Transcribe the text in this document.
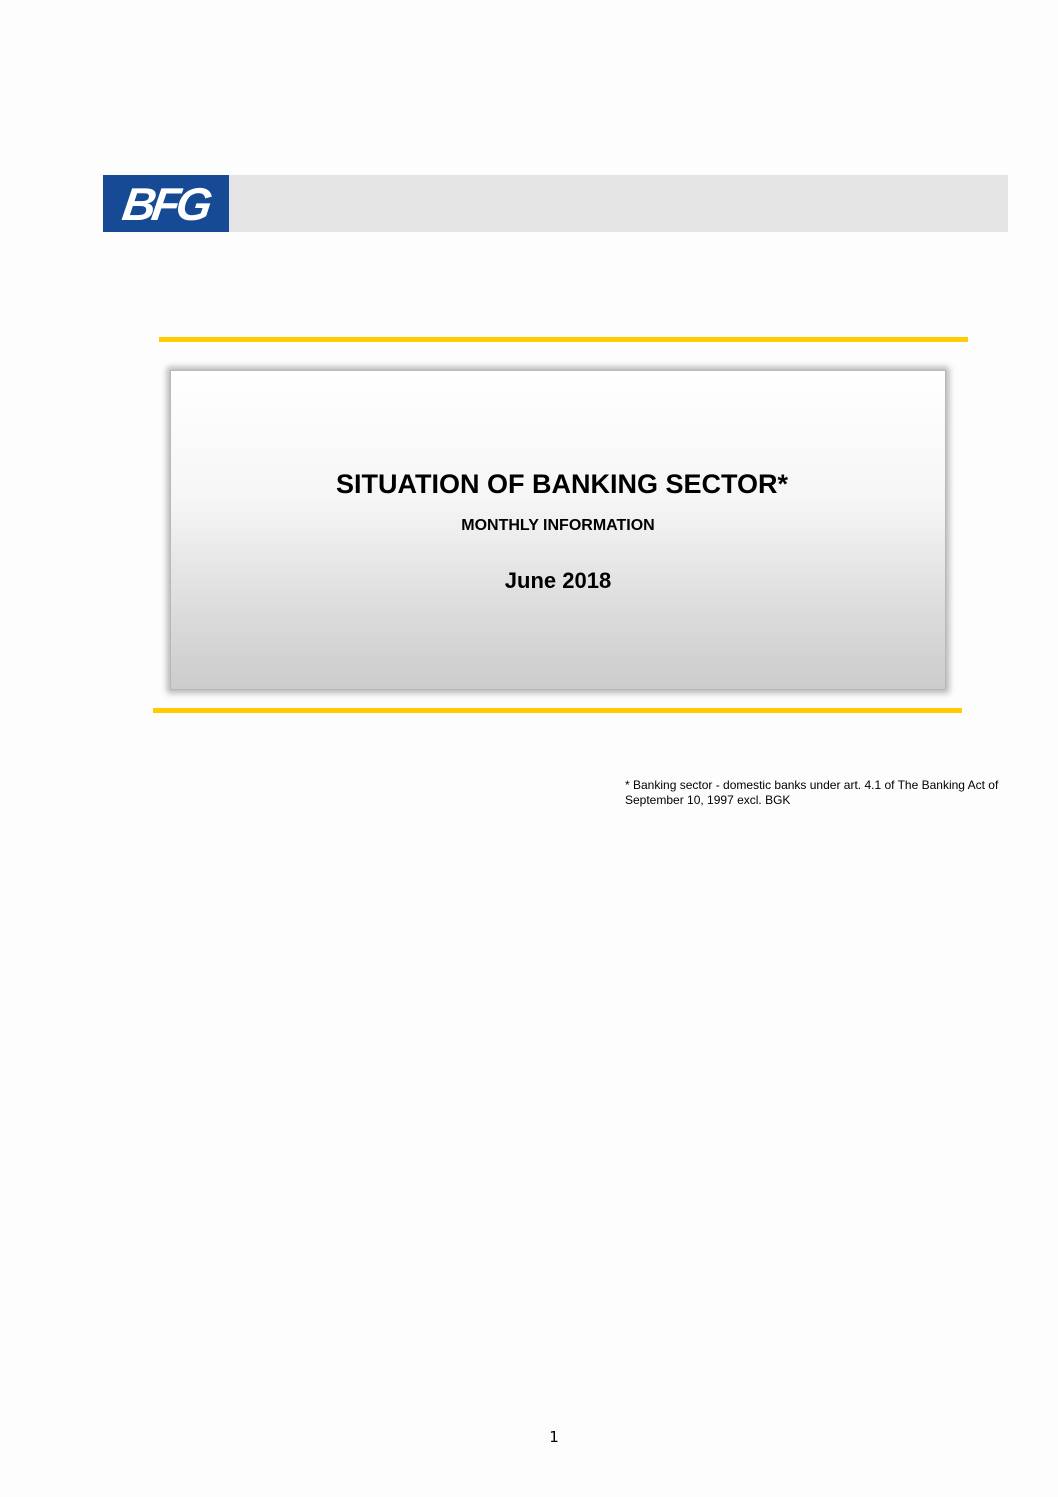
BFG
SITUATION OF BANKING SECTOR*
MONTHLY INFORMATION
June 2018
* Banking sector - domestic banks under art. 4.1 of The Banking Act of September 10, 1997 excl. BGK
1
